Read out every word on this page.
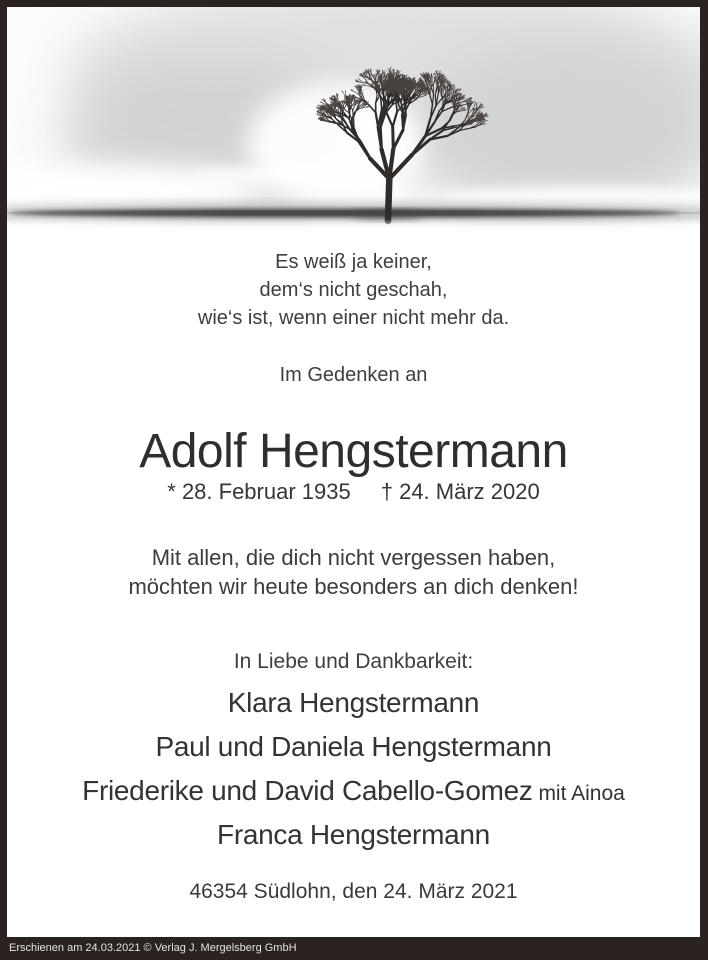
Es weiß ja keiner,
dem‘s nicht geschah,
wie‘s ist, wenn einer nicht mehr da.
Im Gedenken an
Adolf Hengstermann
* 28. Februar 1935 † 24. März 2020
Mit allen, die dich nicht vergessen haben,
möchten wir heute besonders an dich denken!
In Liebe und Dankbarkeit:
Klara Hengstermann
Paul und Daniela Hengstermann
Friederike und David Cabello-Gomez mit Ainoa
Franca Hengstermann
46354 Südlohn, den 24. März 2021
Erschienen am 24.03.2021 © Verlag J. Mergelsberg GmbH
